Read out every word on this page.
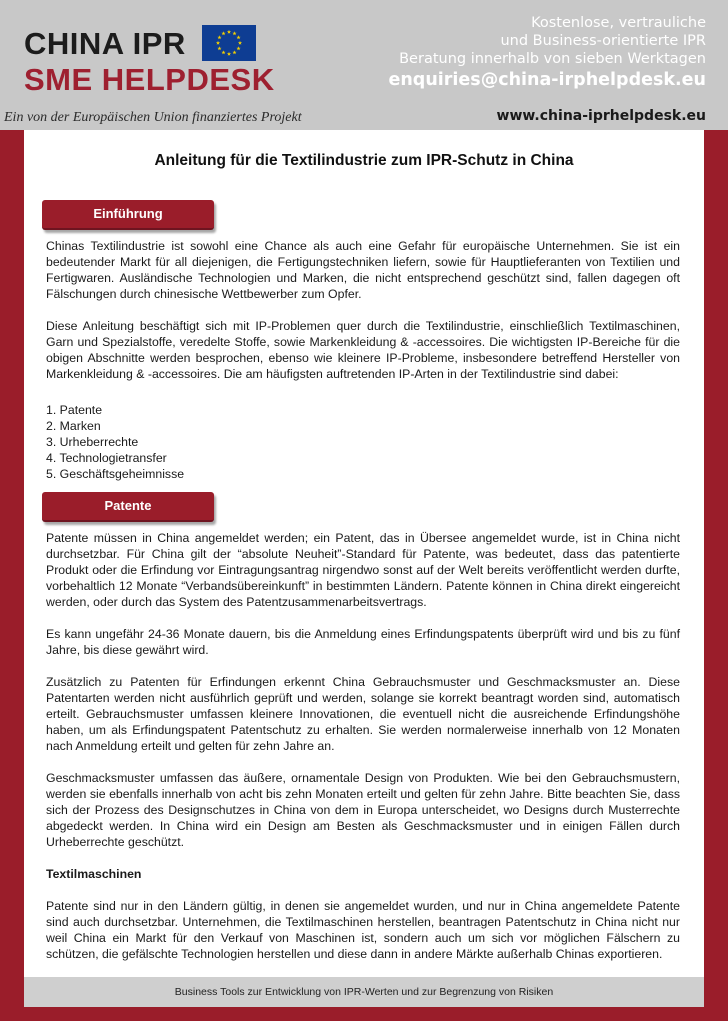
CHINA IPR
SME HELPDESK
Kostenlose, vertrauliche
und Business-orientierte IPR
Beratung innerhalb von sieben Werktagen
enquiries@china-irphelpdesk.eu
Ein von der Europäischen Union finanziertes Projekt	www.china-iprhelpdesk.eu
Anleitung für die Textilindustrie zum IPR-Schutz in China
Einführung

Chinas Textilindustrie ist sowohl eine Chance als auch eine Gefahr für europäische Unternehmen. Sie ist ein bedeutender Markt für all diejenigen, die Fertigungstechniken liefern, sowie für Hauptlieferanten von Textilien und Fertigwaren. Ausländische Technologien und Marken, die nicht entsprechend geschützt sind, fallen dagegen oft Fälschungen durch chinesische Wettbewerber zum Opfer.

Diese Anleitung beschäftigt sich mit IP-Problemen quer durch die Textilindustrie, einschließlich Textilmaschinen, Garn und Spezialstoffe, veredelte Stoffe, sowie Markenkleidung & -accessoires. Die wichtigsten IP-Bereiche für die obigen Abschnitte werden besprochen, ebenso wie kleinere IP-Probleme, insbesondere betreffend Hersteller von Markenkleidung & -accessoires. Die am häufigsten auftretenden IP-Arten in der Textilindustrie sind dabei:

1. Patente
2. Marken
3. Urheberrechte
4. Technologietransfer
5. Geschäftsgeheimnisse
Patente

Patente müssen in China angemeldet werden; ein Patent, das in Übersee angemeldet wurde, ist in China nicht durchsetzbar. Für China gilt der “absolute Neuheit”-Standard für Patente, was bedeutet, dass das patentierte Produkt oder die Erfindung vor Eintragungsantrag nirgendwo sonst auf der Welt bereits veröffentlicht werden durfte, vorbehaltlich 12 Monate “Verbandsübereinkunft” in bestimmten Ländern. Patente können in China direkt eingereicht werden, oder durch das System des Patentzusammenarbeitsvertrags.

Es kann ungefähr 24-36 Monate dauern, bis die Anmeldung eines Erfindungspatents überprüft wird und bis zu fünf Jahre, bis diese gewährt wird.

Zusätzlich zu Patenten für Erfindungen erkennt China Gebrauchsmuster und Geschmacksmuster an. Diese Patentarten werden nicht ausführlich geprüft und werden, solange sie korrekt beantragt worden sind, automatisch erteilt. Gebrauchsmuster umfassen kleinere Innovationen, die eventuell nicht die ausreichende Erfindungshöhe haben, um als Erfindungspatent Patentschutz zu erhalten. Sie werden normalerweise innerhalb von 12 Monaten nach Anmeldung erteilt und gelten für zehn Jahre an.

Geschmacksmuster umfassen das äußere, ornamentale Design von Produkten. Wie bei den Gebrauchsmustern, werden sie ebenfalls innerhalb von acht bis zehn Monaten erteilt und gelten für zehn Jahre. Bitte beachten Sie, dass sich der Prozess des Designschutzes in China von dem in Europa unterscheidet, wo Designs durch Musterrechte abgedeckt werden. In China wird ein Design am Besten als Geschmacksmuster und in einigen Fällen durch Urheberrechte geschützt.

Textilmaschinen

Patente sind nur in den Ländern gültig, in denen sie angemeldet wurden, und nur in China angemeldete Patente sind auch durchsetzbar. Unternehmen, die Textilmaschinen herstellen, beantragen Patentschutz in China nicht nur weil China ein Markt für den Verkauf von Maschinen ist, sondern auch um sich vor möglichen Fälschern zu schützen, die gefälschte Technologien herstellen und diese dann in andere Märkte außerhalb Chinas exportieren.

Business Tools zur Entwicklung von IPR-Werten und zur Begrenzung von Risiken
